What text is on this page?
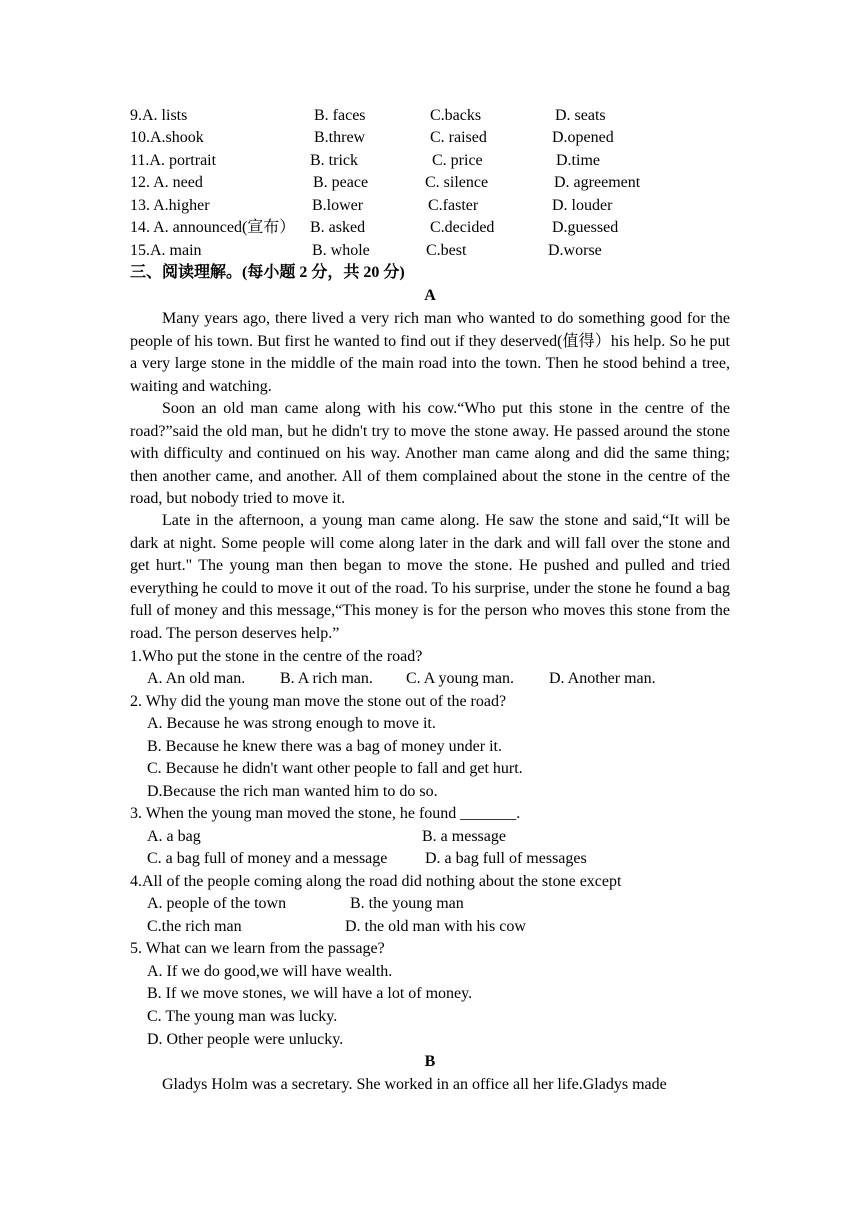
9.A. lists	B. faces	C.backs	D. seats
10.A.shook	B.threw	C. raised	D.opened
11.A. portrait	B. trick	C. price	D.time
12. A. need	B. peace	C. silence	D. agreement
13. A.higher	B.lower	C.faster	D. louder
14. A. announced(宣布） B. asked	C.decided	D.guessed
15.A. main	B. whole	C.best	D.worse
三、阅读理解。(每小题 2 分，共 20 分)
A

Many years ago, there lived a very rich man who wanted to do something good for the people of his town. But first he wanted to find out if they deserved(值得）his help. So he put a very large stone in the middle of the main road into the town. Then he stood behind a tree, waiting and watching.

Soon an old man came along with his cow.“Who put this stone in the centre of the road?”said the old man, but he didn't try to move the stone away. He passed around the stone with difficulty and continued on his way. Another man came along and did the same thing; then another came, and another. All of them complained about the stone in the centre of the road, but nobody tried to move it.

Late in the afternoon, a young man came along. He saw the stone and said,“It will be dark at night. Some people will come along later in the dark and will fall over the stone and get hurt." The young man then began to move the stone. He pushed and pulled and tried everything he could to move it out of the road. To his surprise, under the stone he found a bag full of money and this message,“This money is for the person who moves this stone from the road. The person deserves help.”

1.Who put the stone in the centre of the road?
A. An old man. B. A rich man. C. A young man. D. Another man.
2. Why did the young man move the stone out of the road?
A. Because he was strong enough to move it.
B. Because he knew there was a bag of money under it.
C. Because he didn't want other people to fall and get hurt.
D.Because the rich man wanted him to do so.
3. When the young man moved the stone, he found _______.
A. a bag	B. a message
C. a bag full of money and a message D. a bag full of messages
4.All of the people coming along the road did nothing about the stone except
A. people of the town	B. the young man
C.the rich man	D. the old man with his cow
5. What can we learn from the passage?
A. If we do good,we will have wealth.
B. If we move stones, we will have a lot of money.
C. The young man was lucky.
D. Other people were unlucky.
B

Gladys Holm was a secretary. She worked in an office all her life.Gladys made
